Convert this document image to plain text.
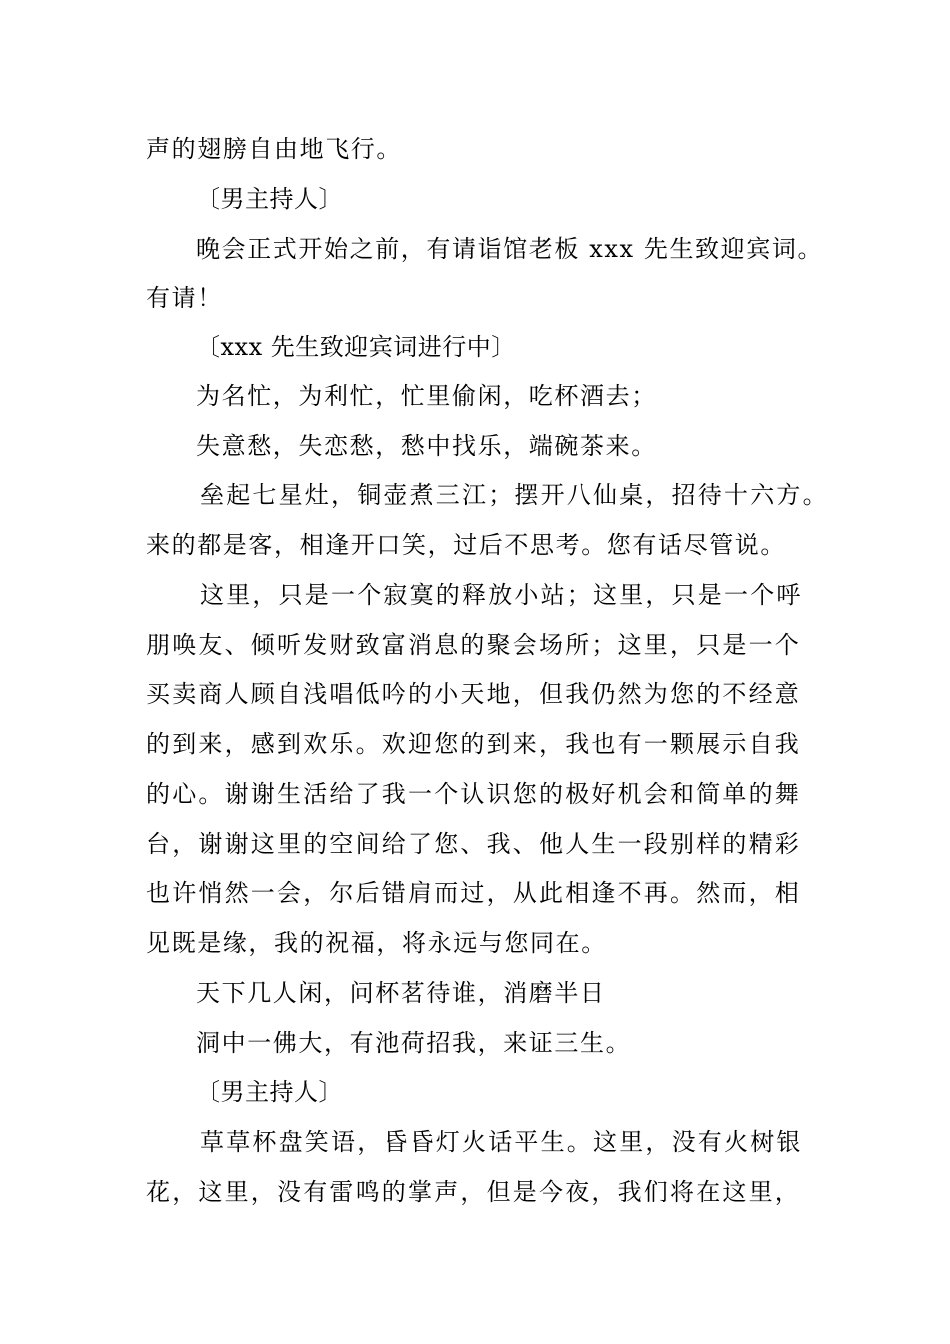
声的翅膀自由地飞行。
〔男主持人〕
晚会正式开始之前，有请诣馆老板 xxx 先生致迎宾词。
有请！
〔xxx 先生致迎宾词进行中〕
为名忙，为利忙，忙里偷闲，吃杯酒去；
失意愁，失恋愁，愁中找乐，端碗茶来。
垒起七星灶，铜壶煮三江；摆开八仙桌，招待十六方。
来的都是客，相逢开口笑，过后不思考。您有话尽管说。
这里，只是一个寂寞的释放小站；这里，只是一个呼
朋唤友、倾听发财致富消息的聚会场所；这里，只是一个
买卖商人顾自浅唱低吟的小天地，但我仍然为您的不经意
的到来，感到欢乐。欢迎您的到来，我也有一颗展示自我
的心。谢谢生活给了我一个认识您的极好机会和简单的舞
台，谢谢这里的空间给了您、我、他人生一段别样的精彩
也许悄然一会，尔后错肩而过，从此相逢不再。然而，相
见既是缘，我的祝福，将永远与您同在。
天下几人闲，问杯茗待谁，消磨半日
洞中一佛大，有池荷招我，来证三生。
〔男主持人〕
草草杯盘笑语，昏昏灯火话平生。这里，没有火树银
花，这里，没有雷鸣的掌声，但是今夜，我们将在这里，
